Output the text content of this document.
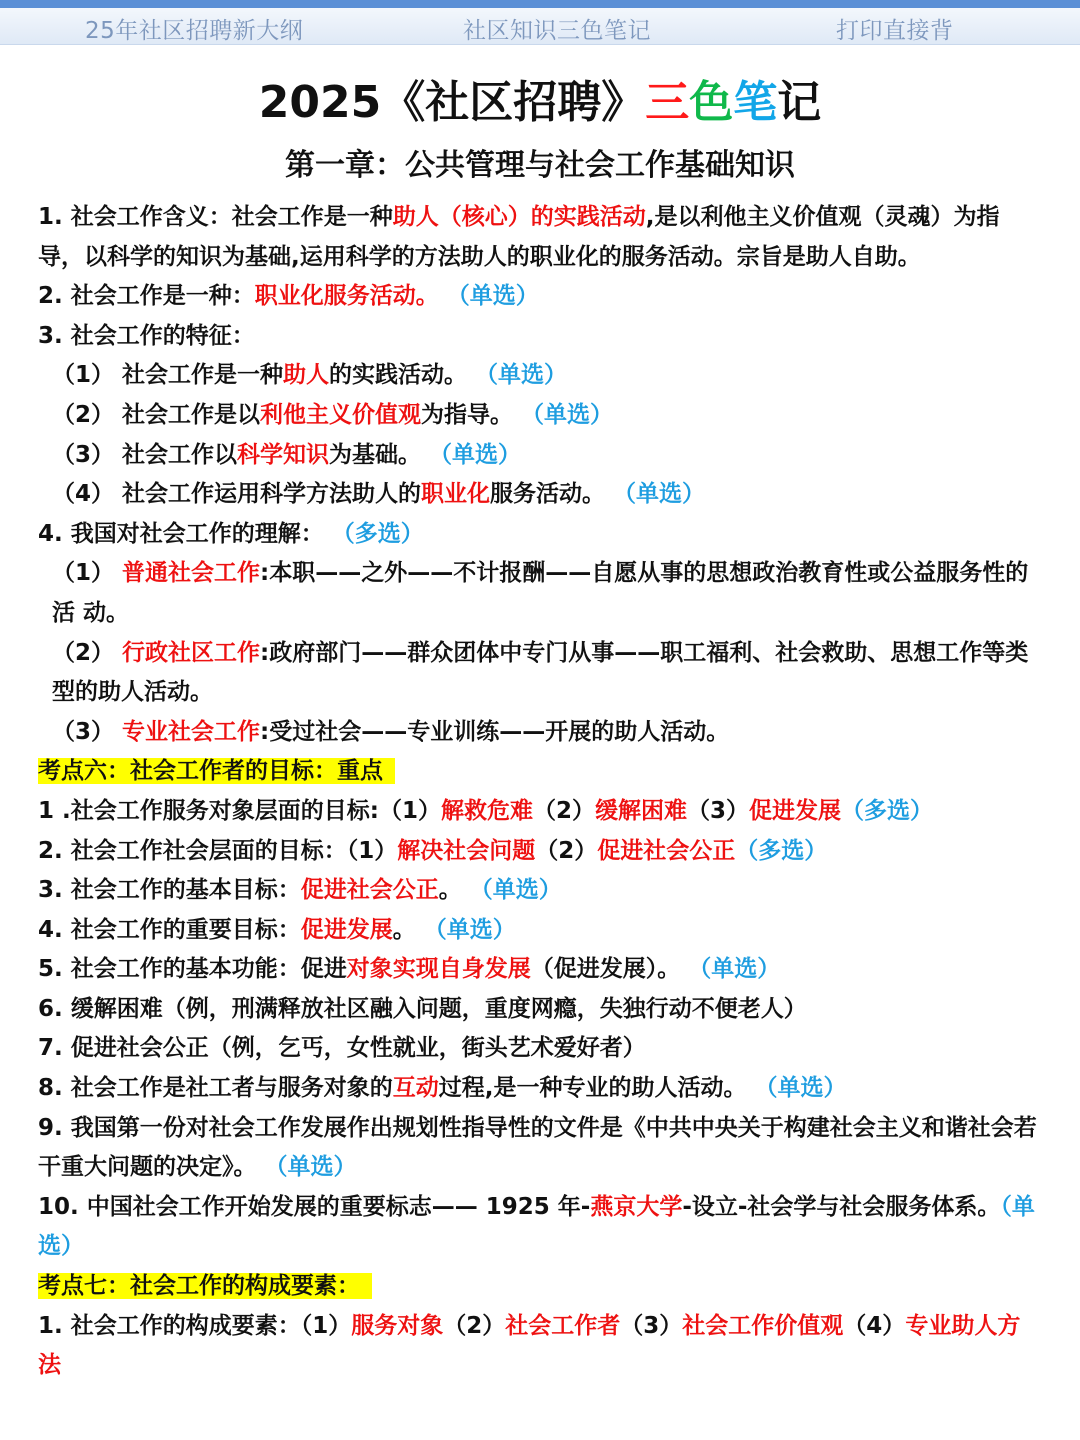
25年社区招聘新大纲	社区知识三色笔记	打印直接背
2025《社区招聘》三色笔记
第一章：公共管理与社会工作基础知识

1. 社会工作含义：社会工作是一种助人（核心）的实践活动,是以利他主义价值观（灵魂）为指 导，以科学的知识为基础,运用科学的方法助人的职业化的服务活动。宗旨是助人自助。

2. 社会工作是一种：职业化服务活动。 （单选）

3. 社会工作的特征：

（1） 社会工作是一种助人的实践活动。 （单选）

（2） 社会工作是以利他主义价值观为指导。 （单选）

（3） 社会工作以科学知识为基础。 （单选）

（4） 社会工作运用科学方法助人的职业化服务活动。 （单选）

4. 我国对社会工作的理解： （多选）

（1） 普通社会工作:本职——之外——不计报酬——自愿从事的思想政治教育性或公益服务性的活 动。

（2） 行政社区工作:政府部门——群众团体中专门从事——职工福利、社会救助、思想工作等类型的助人活动。

（3） 专业社会工作:受过社会——专业训练——开展的助人活动。

考点六：社会工作者的目标：重点

1 .社会工作服务对象层面的目标:（1）解救危难（2）缓解困难（3）促进发展（多选）

2. 社会工作社会层面的目标：（1）解决社会问题（2）促进社会公正（多选）

3. 社会工作的基本目标：促进社会公正。 （单选）

4. 社会工作的重要目标：促进发展。 （单选）

5. 社会工作的基本功能：促进对象实现自身发展（促进发展）。 （单选）

6. 缓解困难（例，刑满释放社区融入问题，重度网瘾，失独行动不便老人）

7. 促进社会公正（例，乞丐，女性就业，街头艺术爱好者）

8. 社会工作是社工者与服务对象的互动过程,是一种专业的助人活动。 （单选）

9. 我国第一份对社会工作发展作出规划性指导性的文件是《中共中央关于构建社会主义和谐社会若干重大问题的决定》。 （单选）

10. 中国社会工作开始发展的重要标志—— 1925 年-燕京大学-设立-社会学与社会服务体系。（单选）

考点七：社会工作的构成要素：

1. 社会工作的构成要素：（1）服务对象（2）社会工作者（3）社会工作价值观（4）专业助人方法
